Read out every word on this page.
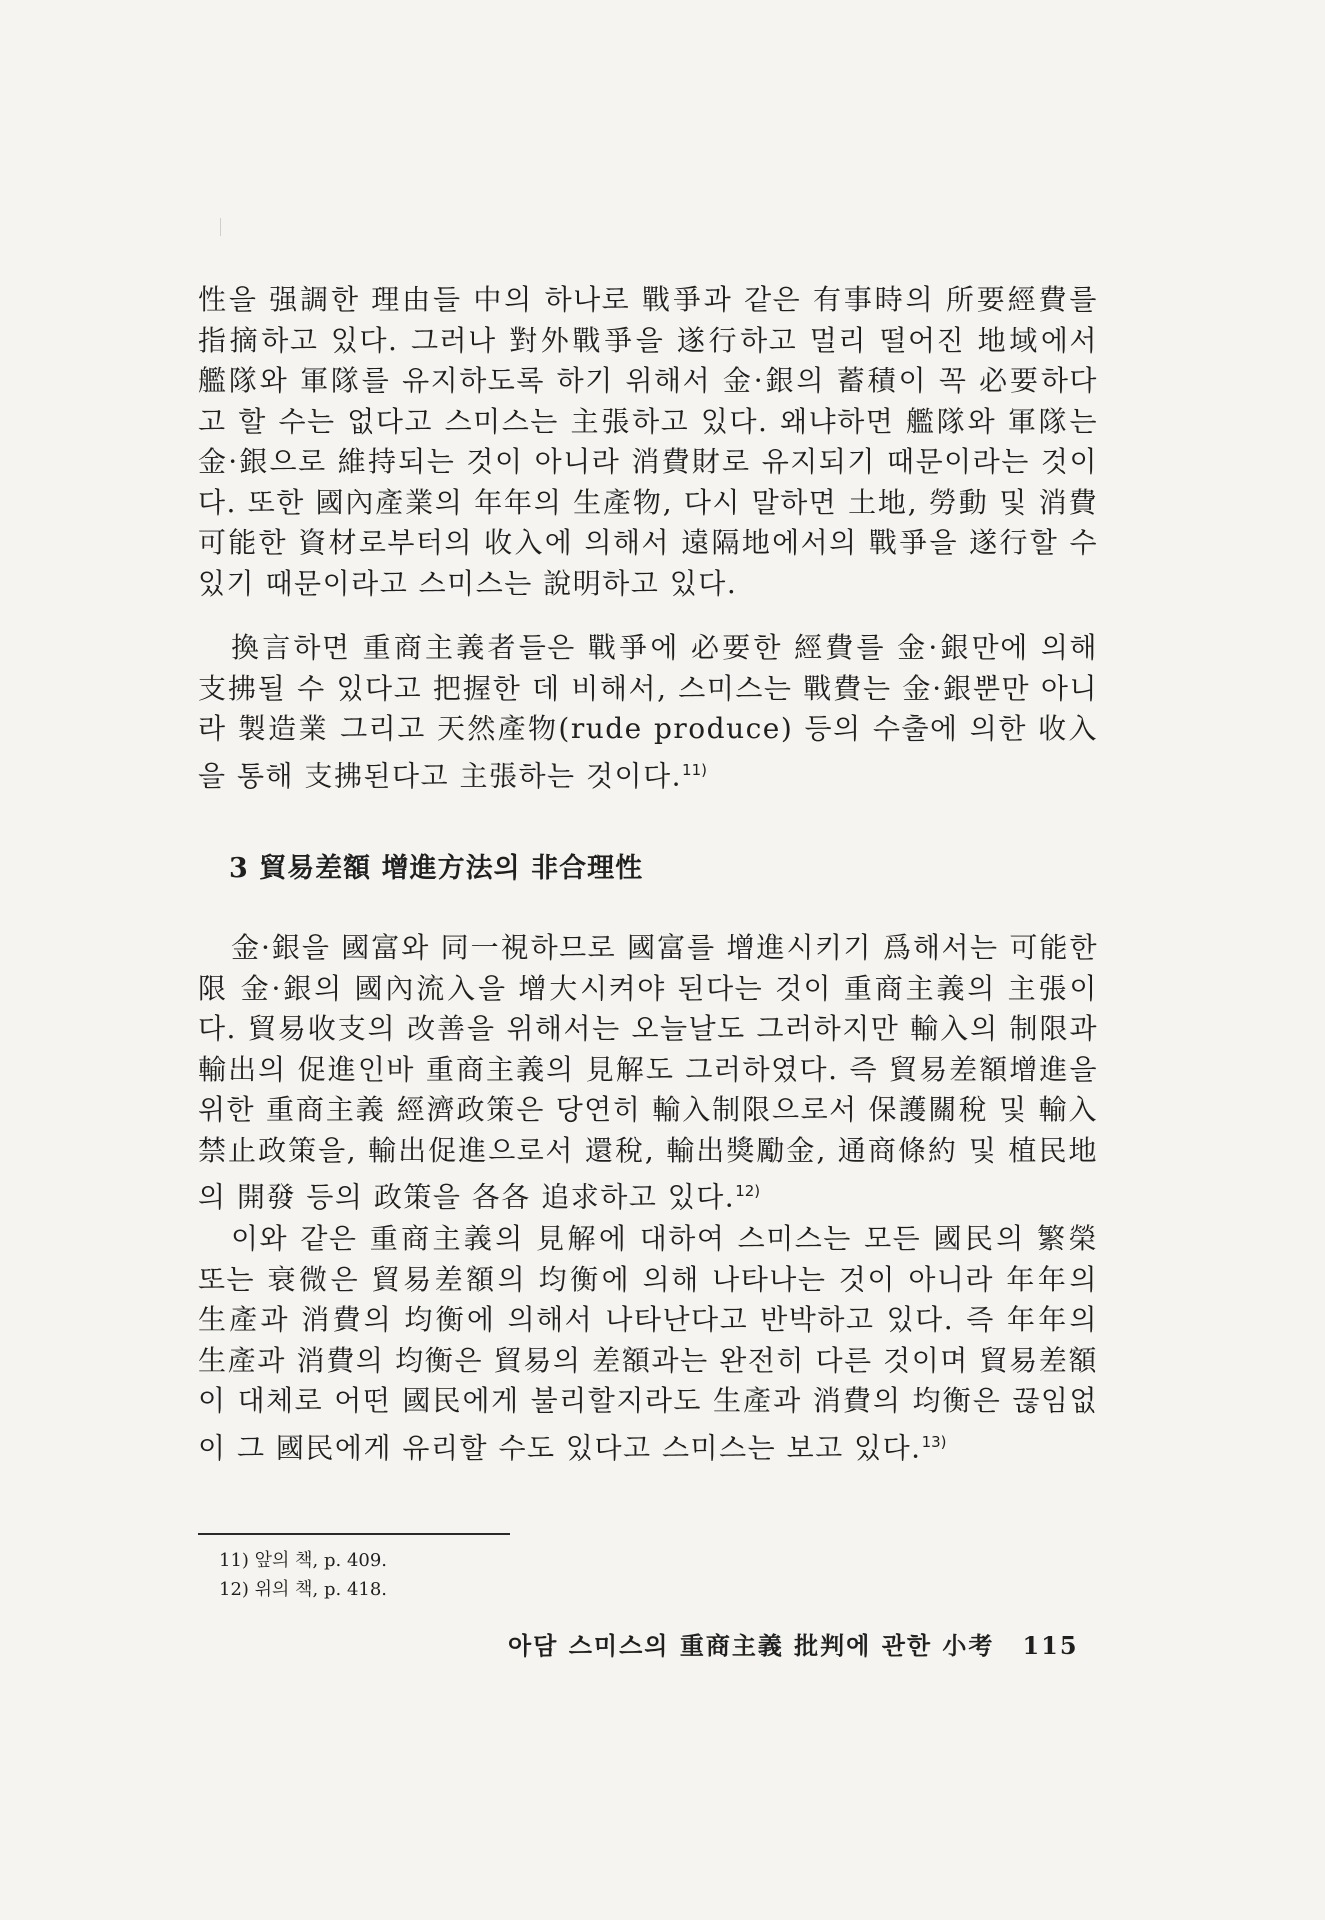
性을 强調한 理由들 中의 하나로 戰爭과 같은 有事時의 所要經費를 指摘하고 있다. 그러나 對外戰爭을 遂行하고 멀리 떨어진 地域에서 艦隊와 軍隊를 유지하도록 하기 위해서 金·銀의 蓄積이 꼭 必要하다고 할 수는 없다고 스미스는 主張하고 있다. 왜냐하면 艦隊와 軍隊는 金·銀으로 維持되는 것이 아니라 消費財로 유지되기 때문이라는 것이다. 또한 國內產業의 年年의 生產物, 다시 말하면 土地, 勞動 및 消費可能한 資材로부터의 收入에 의해서 遠隔地에서의 戰爭을 遂行할 수 있기 때문이라고 스미스는 說明하고 있다.
換言하면 重商主義者들은 戰爭에 必要한 經費를 金·銀만에 의해 支拂될 수 있다고 把握한 데 비해서, 스미스는 戰費는 金·銀뿐만 아니라 製造業 그리고 天然產物(rude produce) 등의 수출에 의한 收入을 통해 支拂된다고 主張하는 것이다.$^{11)}$
3 貿易差額 增進方法의 非合理性
金·銀을 國富와 同一視하므로 國富를 增進시키기 爲해서는 可能한 限 金·銀의 國內流入을 增大시켜야 된다는 것이 重商主義의 主張이다. 貿易收支의 改善을 위해서는 오늘날도 그러하지만 輸入의 制限과 輸出의 促進인바 重商主義의 見解도 그러하였다. 즉 貿易差額增進을 위한 重商主義 經濟政策은 당연히 輸入制限으로서 保護關稅 및 輸入禁止政策을, 輸出促進으로서 還稅, 輸出獎勵金, 通商條約 및 植民地의 開發 등의 政策을 各各 追求하고 있다.$^{12)}$
이와 같은 重商主義의 見解에 대하여 스미스는 모든 國民의 繁榮 또는 衰微은 貿易差額의 均衡에 의해 나타나는 것이 아니라 年年의 生產과 消費의 均衡에 의해서 나타난다고 반박하고 있다. 즉 年年의 生產과 消費의 均衡은 貿易의 差額과는 완전히 다른 것이며 貿易差額이 대체로 어떤 國民에게 불리할지라도 生產과 消費의 均衡은 끊임없이 그 國民에게 유리할 수도 있다고 스미스는 보고 있다.$^{13)}$
11) 앞의 책, p. 409.
12) 위의 책, p. 418.
아담 스미스의 重商主義 批判에 관한 小考 115
